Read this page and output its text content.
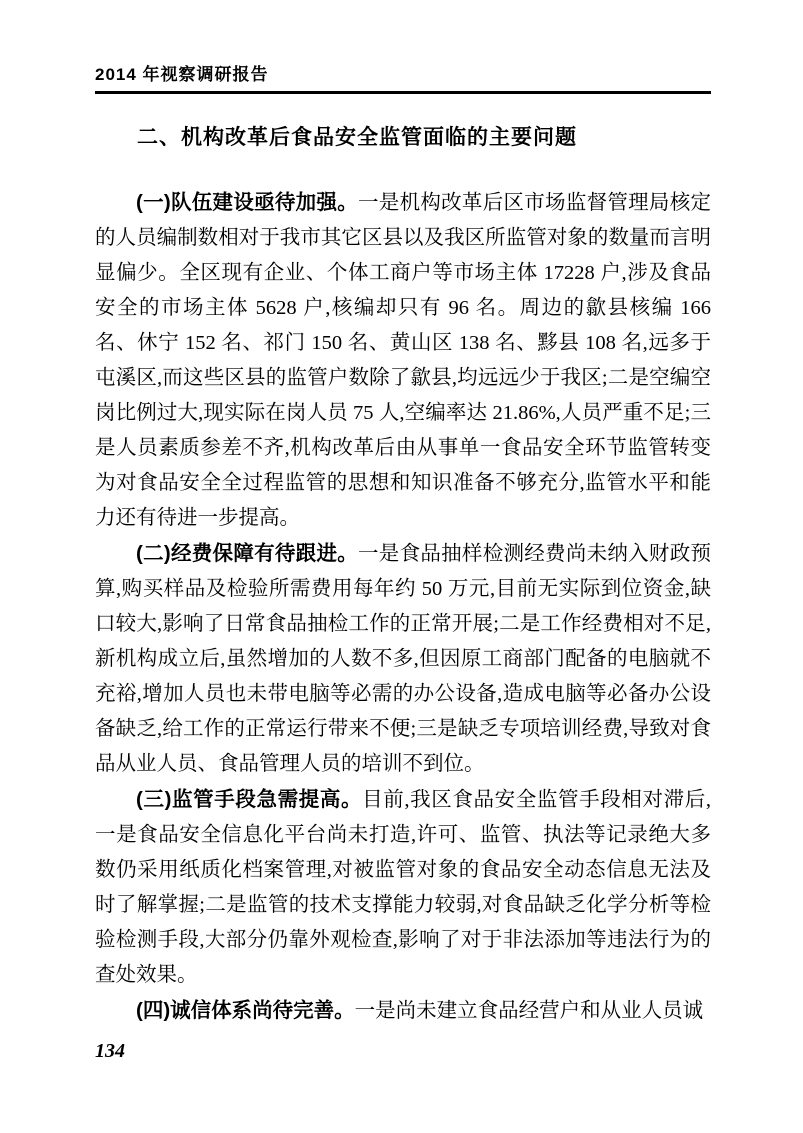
2014 年视察调研报告
二、机构改革后食品安全监管面临的主要问题

(一)队伍建设亟待加强。一是机构改革后区市场监督管理局核定的人员编制数相对于我市其它区县以及我区所监管对象的数量而言明显偏少。全区现有企业、个体工商户等市场主体 17228 户,涉及食品安全的市场主体 5628 户,核编却只有 96 名。周边的歙县核编 166 名、休宁 152 名、祁门 150 名、黄山区 138 名、黟县 108 名,远多于屯溪区,而这些区县的监管户数除了歙县,均远远少于我区;二是空编空岗比例过大,现实际在岗人员 75 人,空编率达 21.86%,人员严重不足;三是人员素质参差不齐,机构改革后由从事单一食品安全环节监管转变为对食品安全全过程监管的思想和知识准备不够充分,监管水平和能力还有待进一步提高。

(二)经费保障有待跟进。一是食品抽样检测经费尚未纳入财政预算,购买样品及检验所需费用每年约 50 万元,目前无实际到位资金,缺口较大,影响了日常食品抽检工作的正常开展;二是工作经费相对不足,新机构成立后,虽然增加的人数不多,但因原工商部门配备的电脑就不充裕,增加人员也未带电脑等必需的办公设备,造成电脑等必备办公设备缺乏,给工作的正常运行带来不便;三是缺乏专项培训经费,导致对食品从业人员、食品管理人员的培训不到位。

(三)监管手段急需提高。目前,我区食品安全监管手段相对滞后,一是食品安全信息化平台尚未打造,许可、监管、执法等记录绝大多数仍采用纸质化档案管理,对被监管对象的食品安全动态信息无法及时了解掌握;二是监管的技术支撑能力较弱,对食品缺乏化学分析等检验检测手段,大部分仍靠外观检查,影响了对于非法添加等违法行为的查处效果。

(四)诚信体系尚待完善。一是尚未建立食品经营户和从业人员诚

134
